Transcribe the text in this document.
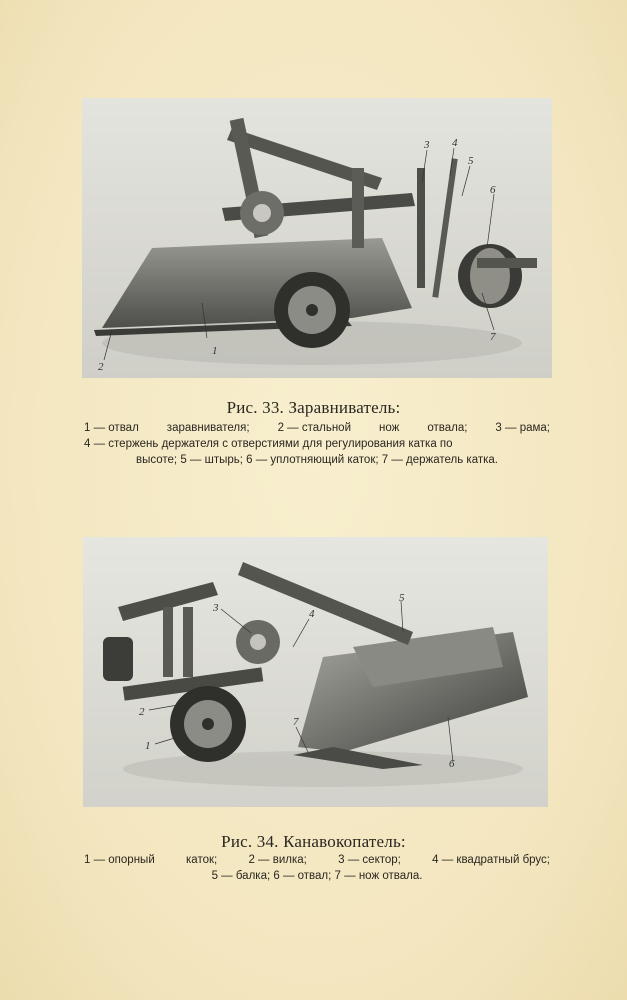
1
2
3 4
5
6
7
Рис. 33. Заравниватель:
1 — отвал заравнивателя; 2 — стальной нож отвала; 3 — рама;
4 — стержень держателя с отверстиями для регулирования катка по
высоте; 5 — штырь; 6 — уплотняющий каток; 7 — держатель катка.
1
2
3	4
5
6
7
Рис. 34. Канавокопатель:
1 — опорный	каток;	2 — вилка;	3 — сектор;	4 — квадратный брус;
5 — балка; 6 — отвал; 7 — нож отвала.
